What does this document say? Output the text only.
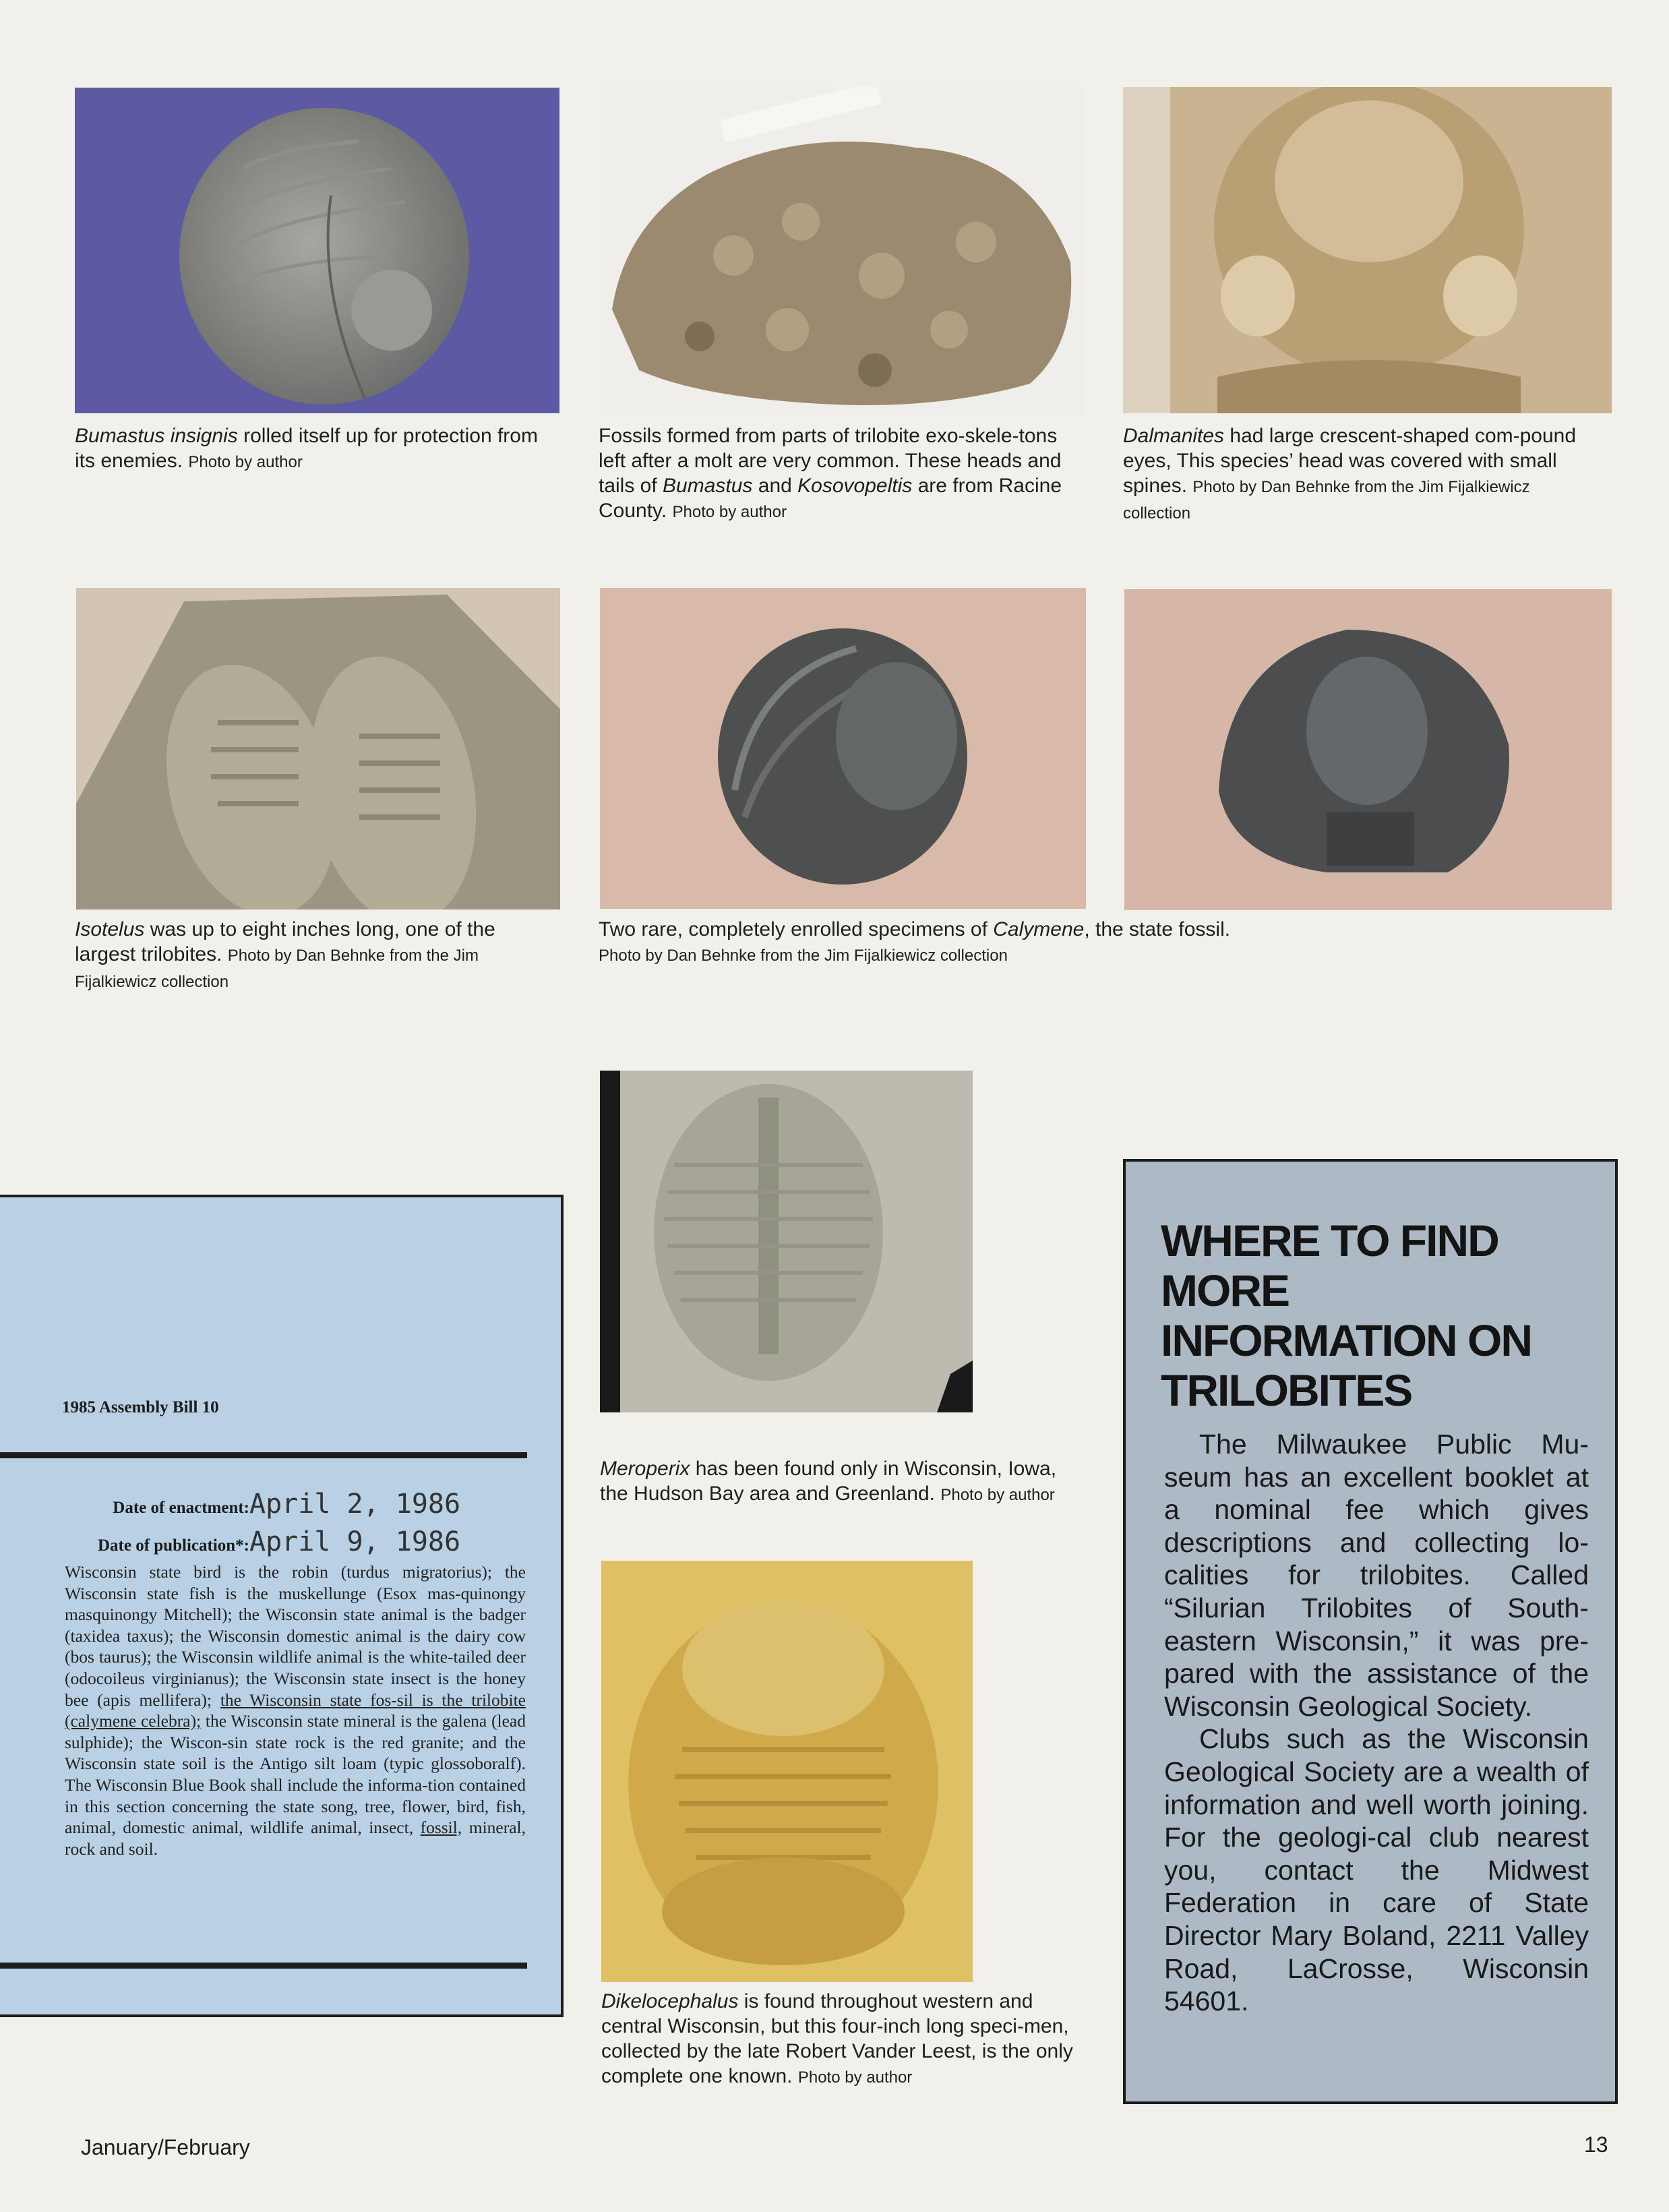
Bumastus insignis rolled itself up for protection from its enemies. Photo by author
Fossils formed from parts of trilobite exo-skele-tons left after a molt are very common. These heads and tails of Bumastus and Kosovopeltis are from Racine County. Photo by author
Dalmanites had large crescent-shaped com-pound eyes, This species’ head was covered with small spines. Photo by Dan Behnke from the Jim Fijalkiewicz collection
Isotelus was up to eight inches long, one of the largest trilobites. Photo by Dan Behnke from the Jim Fijalkiewicz collection
Two rare, completely enrolled specimens of Calymene, the state fossil.
Photo by Dan Behnke from the Jim Fijalkiewicz collection
Meroperix has been found only in Wisconsin, Iowa, the Hudson Bay area and Greenland. Photo by author
Dikelocephalus is found throughout western and central Wisconsin, but this four-inch long speci-men, collected by the late Robert Vander Leest, is the only complete one known. Photo by author
1985 Assembly Bill 10
Date of enactment:April 2, 1986
Date of publication*:April 9, 1986
Wisconsin state bird is the robin (turdus migratorius); the Wisconsin state fish is the muskellunge (Esox mas-quinongy masquinongy Mitchell); the Wisconsin state animal is the badger (taxidea taxus); the Wisconsin domestic animal is the dairy cow (bos taurus); the Wisconsin wildlife animal is the white-tailed deer (odocoileus virginianus); the Wisconsin state insect is the honey bee (apis mellifera); the Wisconsin state fos-sil is the trilobite (calymene celebra); the Wisconsin state mineral is the galena (lead sulphide); the Wiscon-sin state rock is the red granite; and the Wisconsin state soil is the Antigo silt loam (typic glossoboralf). The Wisconsin Blue Book shall include the informa-tion contained in this section concerning the state song, tree, flower, bird, fish, animal, domestic animal, wildlife animal, insect, fossil, mineral, rock and soil.
WHERE TO FIND MORE INFORMATION ON TRILOBITES

The Milwaukee Public Mu-seum has an excellent booklet at a nominal fee which gives descriptions and collecting lo-calities for trilobites. Called “Silurian Trilobites of South-eastern Wisconsin,” it was pre-pared with the assistance of the Wisconsin Geological Society.

Clubs such as the Wisconsin Geological Society are a wealth of information and well worth joining. For the geologi-cal club nearest you, contact the Midwest Federation in care of State Director Mary Boland, 2211 Valley Road, LaCrosse, Wisconsin 54601.

January/February	13
